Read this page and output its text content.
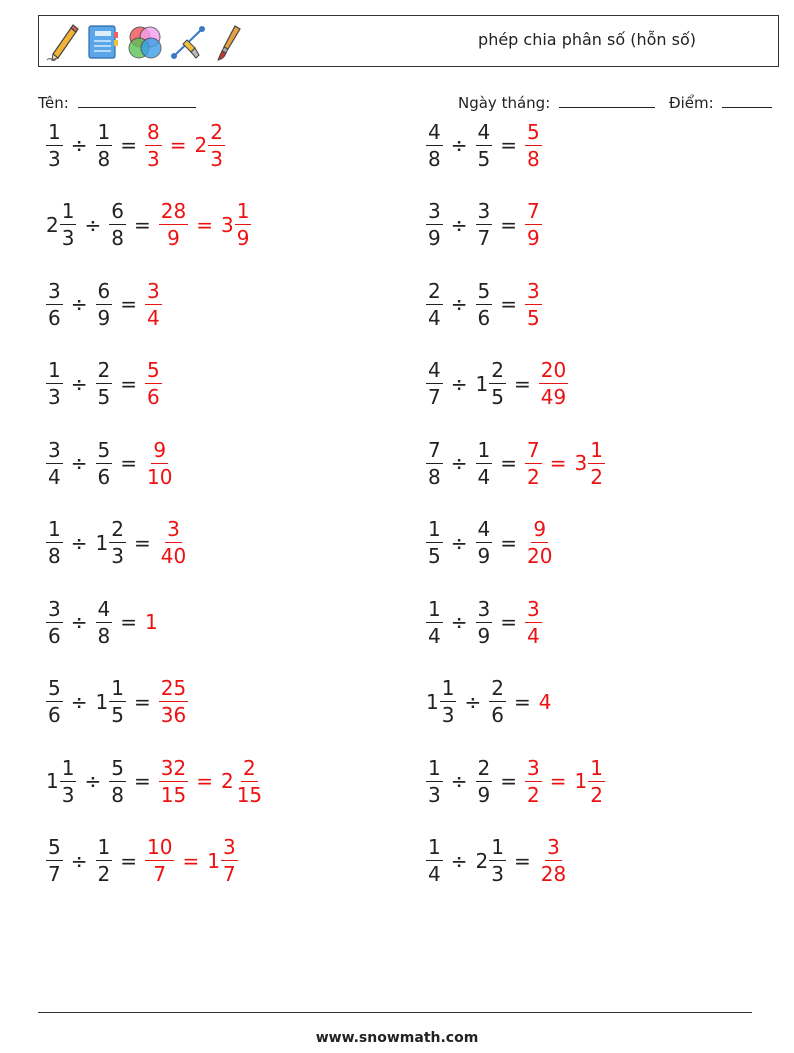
phép chia phân số (hỗn số)
Tên:	Ngày tháng:	Điểm:
$\frac{1}{3} \div \frac{1}{8} = \frac{8}{3} = 2 \frac{2}{3}$	$\frac{4}{8} \div \frac{4}{5} = \frac{5}{8}$
$2 \frac{1}{3} \div \frac{6}{8} = \frac{28}{9} = 3 \frac{1}{9}$	$\frac{3}{9} \div \frac{3}{7} = \frac{7}{9}$
$\frac{3}{6} \div \frac{6}{9} = \frac{3}{4}$	$\frac{2}{4} \div \frac{5}{6} = \frac{3}{5}$
$\frac{1}{3} \div \frac{2}{5} = \frac{5}{6}$	$\frac{4}{7} \div 1 \frac{2}{5} = \frac{20}{49}$
$\frac{3}{4} \div \frac{5}{6} = \frac{9}{10}$	$\frac{7}{8} \div \frac{1}{4} = \frac{7}{2} = 3 \frac{1}{2}$
$\frac{1}{8} \div 1 \frac{2}{3} = \frac{3}{40}$	$\frac{1}{5} \div \frac{4}{9} = \frac{9}{20}$
$\frac{3}{6} \div \frac{4}{8} = 1$	$\frac{1}{4} \div \frac{3}{9} = \frac{3}{4}$
$\frac{5}{6} \div 1 \frac{1}{5} = \frac{25}{36}$	$1 \frac{1}{3} \div \frac{2}{6} = 4$
$1 \frac{1}{3} \div \frac{5}{8} = \frac{32}{15} = 2 \frac{2}{15}$	$\frac{1}{3} \div \frac{2}{9} = \frac{3}{2} = 1 \frac{1}{2}$
$\frac{5}{7} \div \frac{1}{2} = \frac{10}{7} = 1 \frac{3}{7}$	$\frac{1}{4} \div 2 \frac{1}{3} = \frac{3}{28}$
www.snowmath.com
